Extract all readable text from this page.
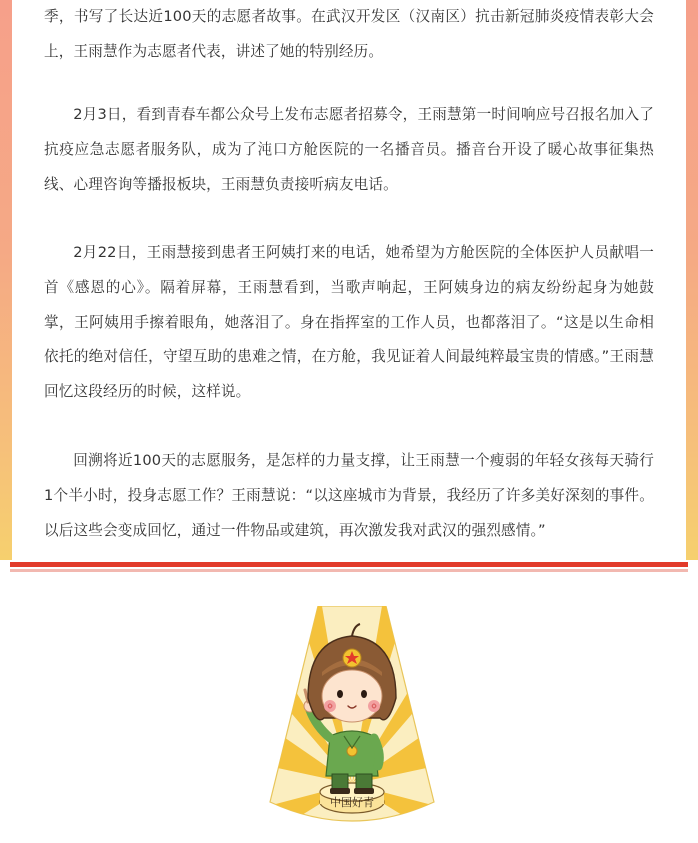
季，书写了长达近100天的志愿者故事。在武汉开发区（汉南区）抗击新冠肺炎疫情表彰大会上，王雨慧作为志愿者代表，讲述了她的特别经历。

2月3日，看到青春车都公众号上发布志愿者招募令，王雨慧第一时间响应号召报名加入了抗疫应急志愿者服务队，成为了沌口方舱医院的一名播音员。播音台开设了暖心故事征集热线、心理咨询等播报板块，王雨慧负责接听病友电话。

2月22日，王雨慧接到患者王阿姨打来的电话，她希望为方舱医院的全体医护人员献唱一首《感恩的心》。隔着屏幕，王雨慧看到，当歌声响起，王阿姨身边的病友纷纷起身为她鼓掌，王阿姨用手擦着眼角，她落泪了。身在指挥室的工作人员，也都落泪了。“这是以生命相依托的绝对信任，守望互助的患难之情，在方舱，我见证着人间最纯粹最宝贵的情感。”王雨慧回忆这段经历的时候，这样说。

回溯将近100天的志愿服务，是怎样的力量支撑，让王雨慧一个瘦弱的年轻女孩每天骑行1个半小时，投身志愿工作？王雨慧说：“以这座城市为背景，我经历了许多美好深刻的事件。以后这些会变成回忆，通过一件物品或建筑，再次激发我对武汉的强烈感情。”

中国好青
